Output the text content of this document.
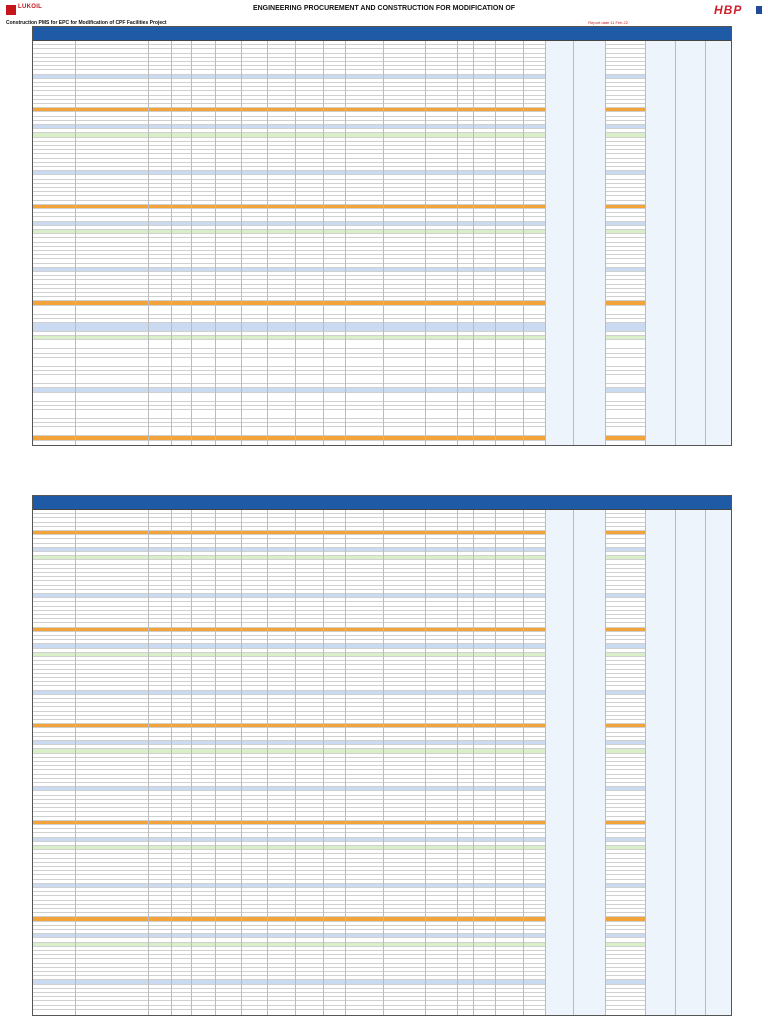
LUKOIL	HBP
ENGINEERING PROCUREMENT AND CONSTRUCTION FOR MODIFICATION OF
Construction PMS for EPC for Modification of CPF Facilities Project	Report date 11 Feb 22
